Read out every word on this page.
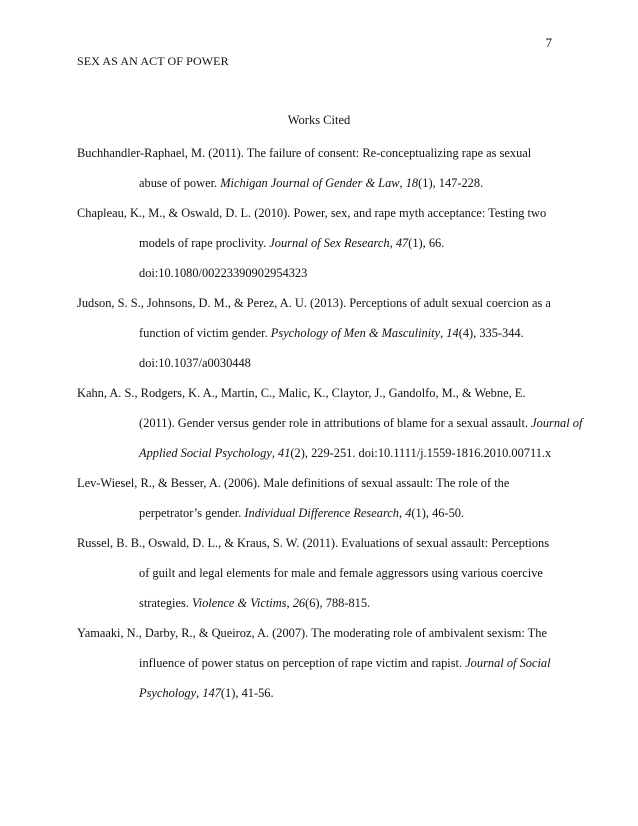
7
SEX AS AN ACT OF POWER
Works Cited
Buchhandler-Raphael, M. (2011). The failure of consent: Re-conceptualizing rape as sexual
abuse of power. Michigan Journal of Gender & Law, 18(1), 147-228.
Chapleau, K., M., & Oswald, D. L. (2010). Power, sex, and rape myth acceptance: Testing two
models of rape proclivity. Journal of Sex Research, 47(1), 66.
doi:10.1080/00223390902954323
Judson, S. S., Johnsons, D. M., & Perez, A. U. (2013). Perceptions of adult sexual coercion as a
function of victim gender. Psychology of Men & Masculinity, 14(4), 335-344.
doi:10.1037/a0030448
Kahn, A. S., Rodgers, K. A., Martin, C., Malic, K., Claytor, J., Gandolfo, M., & Webne, E.
(2011). Gender versus gender role in attributions of blame for a sexual assault. Journal of
Applied Social Psychology, 41(2), 229-251. doi:10.1111/j.1559-1816.2010.00711.x
Lev-Wiesel, R., & Besser, A. (2006). Male definitions of sexual assault: The role of the
perpetrator’s gender. Individual Difference Research, 4(1), 46-50.
Russel, B. B., Oswald, D. L., & Kraus, S. W. (2011). Evaluations of sexual assault: Perceptions
of guilt and legal elements for male and female aggressors using various coercive
strategies. Violence & Victims, 26(6), 788-815.
Yamaaki, N., Darby, R., & Queiroz, A. (2007). The moderating role of ambivalent sexism: The
influence of power status on perception of rape victim and rapist. Journal of Social
Psychology, 147(1), 41-56.
